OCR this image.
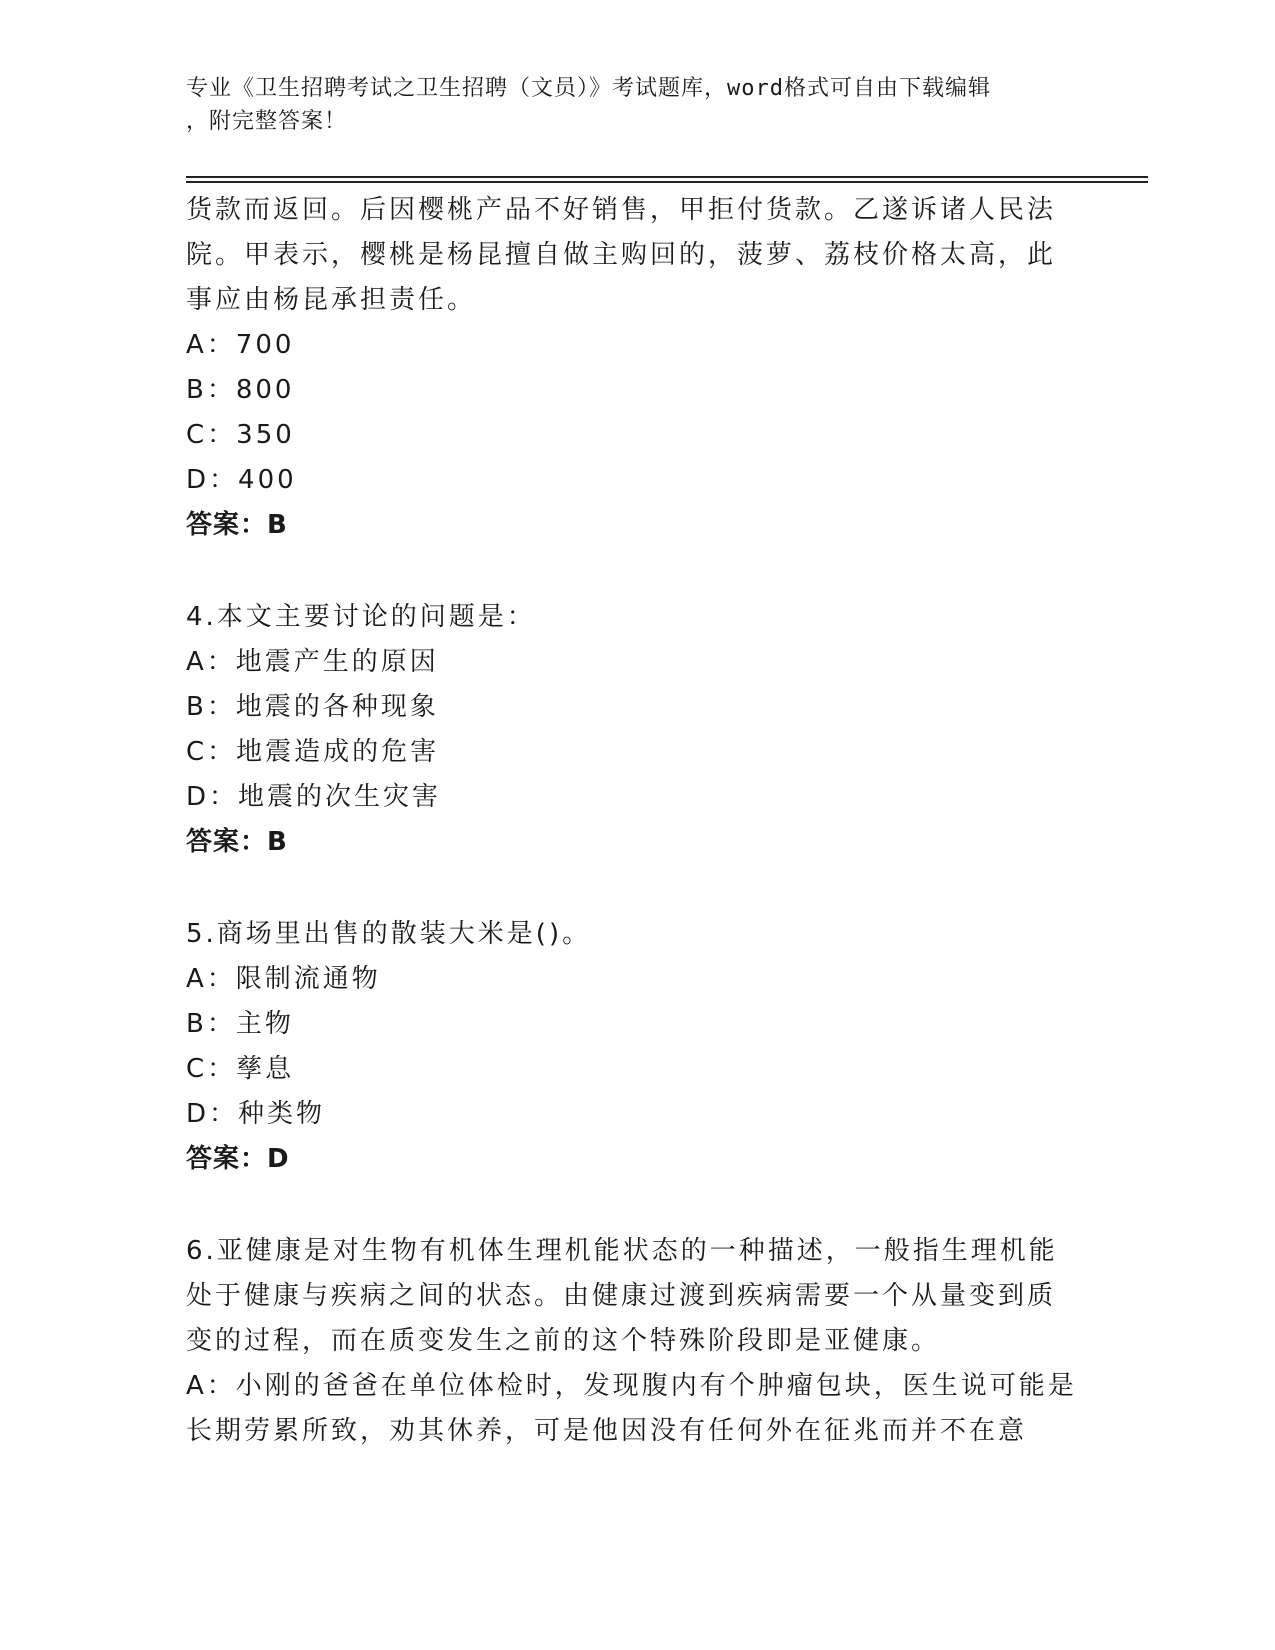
专业《卫生招聘考试之卫生招聘（文员）》考试题库，word格式可自由下载编辑
，附完整答案！
货款而返回。后因樱桃产品不好销售，甲拒付货款。乙遂诉诸人民法
院。甲表示，樱桃是杨昆擅自做主购回的，菠萝、荔枝价格太高，此
事应由杨昆承担责任。
A：700
B：800
C：350
D：400
答案：B
4.本文主要讨论的问题是：
A：地震产生的原因
B：地震的各种现象
C：地震造成的危害
D：地震的次生灾害
答案：B
5.商场里出售的散装大米是()。
A：限制流通物
B：主物
C：孳息
D：种类物
答案：D
6.亚健康是对生物有机体生理机能状态的一种描述，一般指生理机能
处于健康与疾病之间的状态。由健康过渡到疾病需要一个从量变到质
变的过程，而在质变发生之前的这个特殊阶段即是亚健康。
A：小刚的爸爸在单位体检时，发现腹内有个肿瘤包块，医生说可能是
长期劳累所致，劝其休养，可是他因没有任何外在征兆而并不在意
